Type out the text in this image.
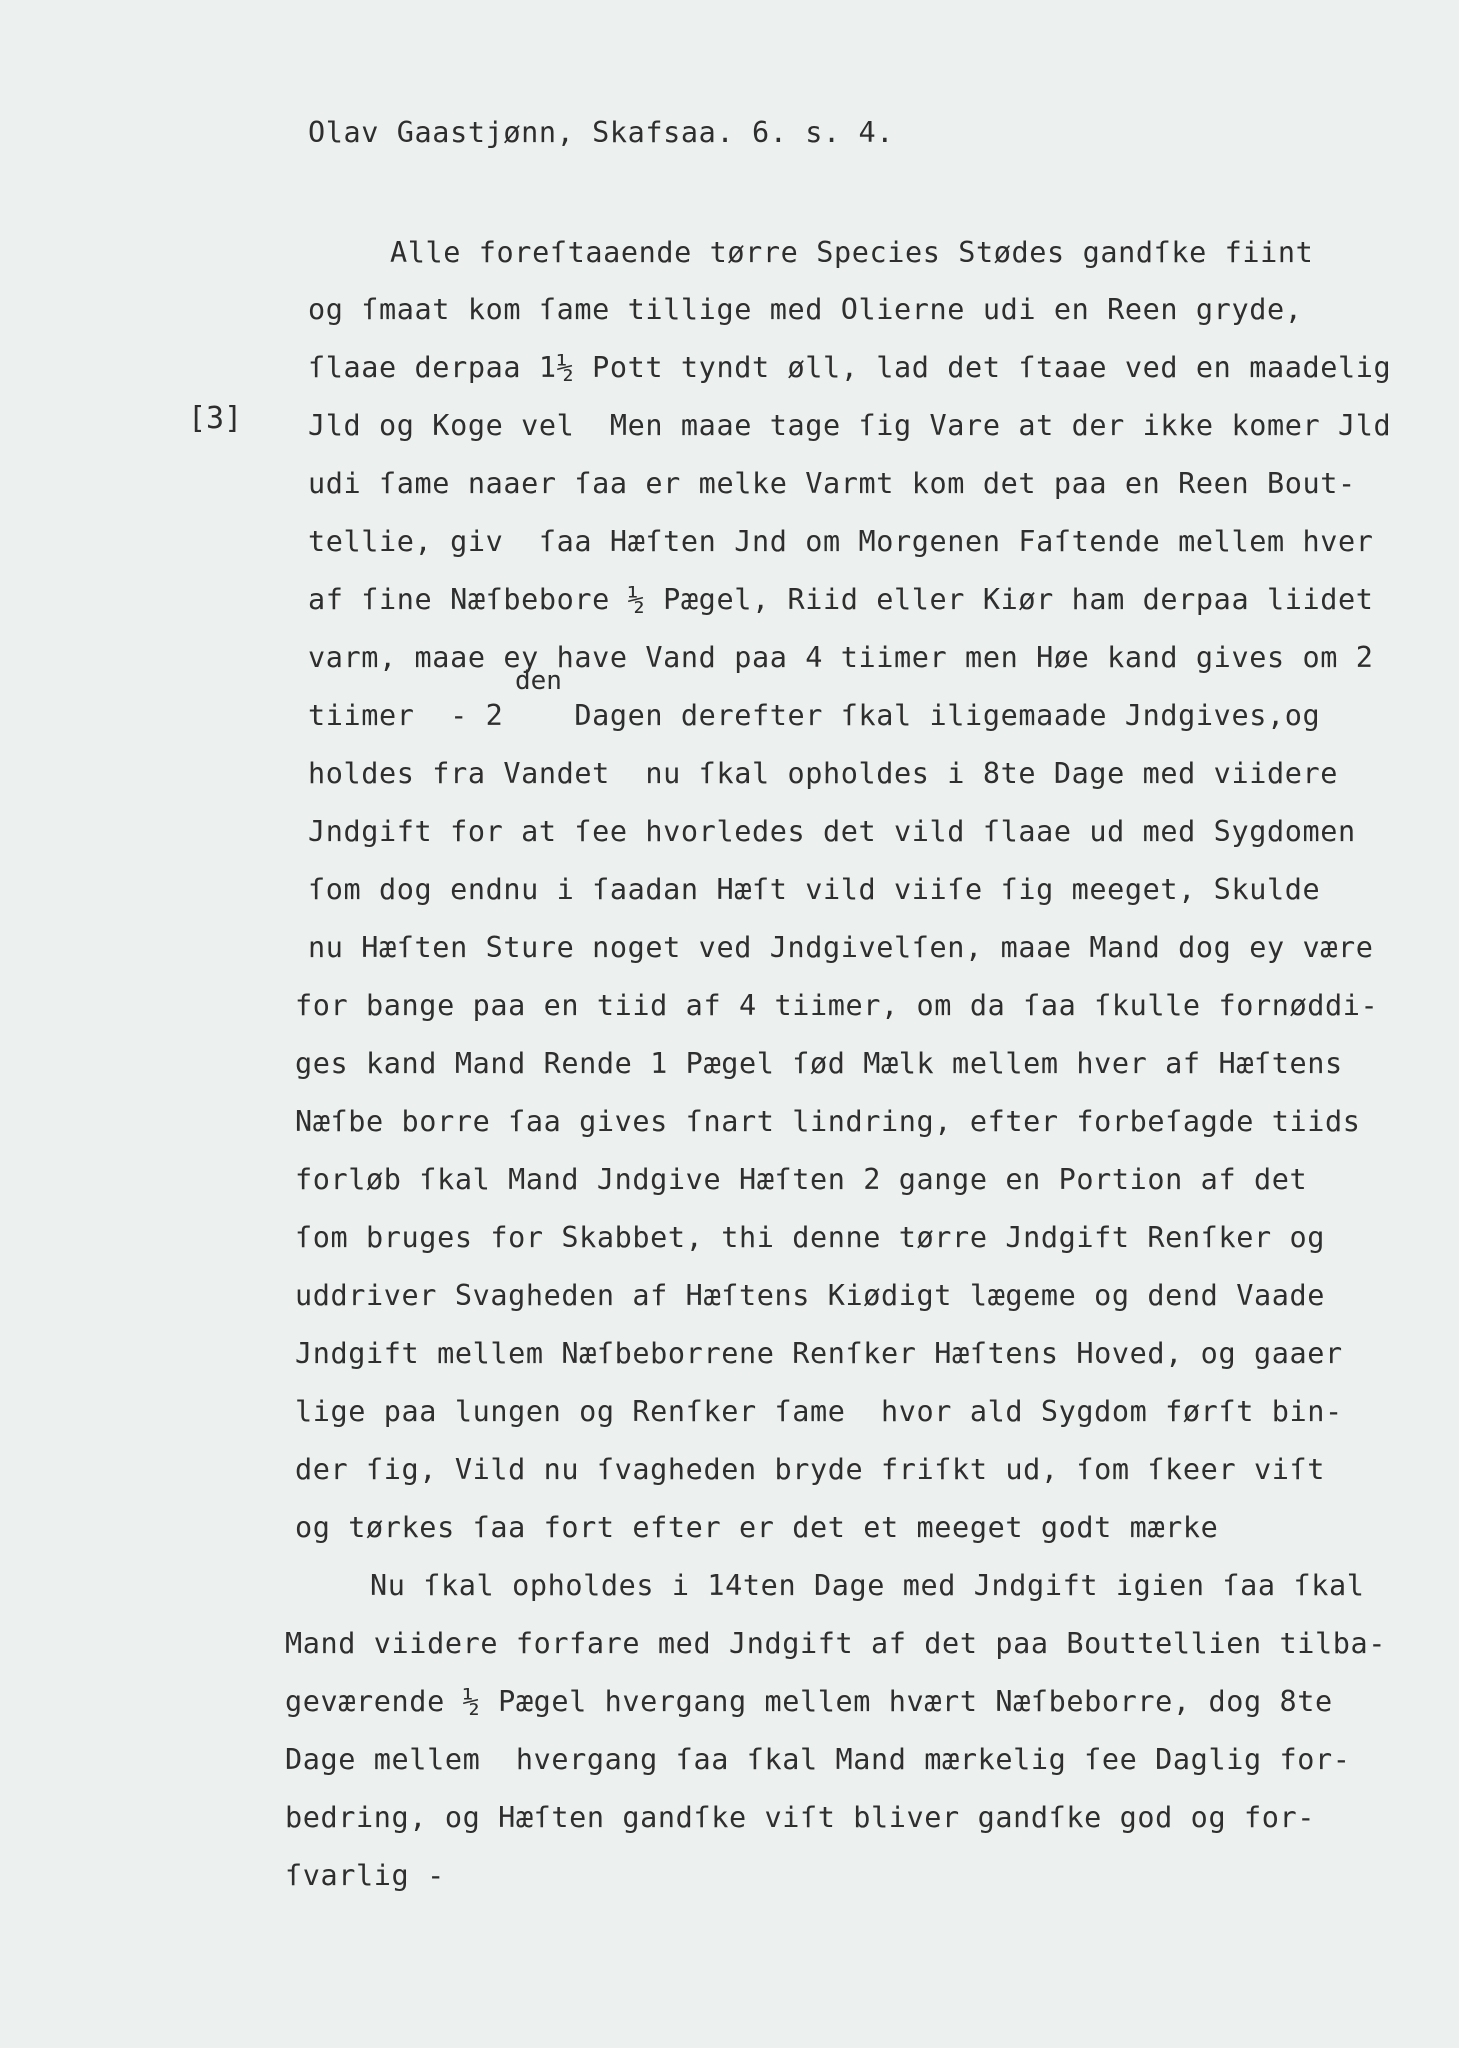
Olav Gaastjønn, Skafsaa. 6. s. 4.
[3]
den
Alle foreſtaaende tørre Species Stødes gandſke fiint
og ſmaat kom ſame tillige med Olierne udi en Reen gryde,
ſlaae derpaa 1½ Pott tyndt øll, lad det ſtaae ved en maadelig
Jld og Koge vel  Men maae tage ſig Vare at der ikke komer Jld
udi ſame naaer ſaa er melke Varmt kom det paa en Reen Bout-
tellie, giv  ſaa Hæſten Jnd om Morgenen Faſtende mellem hver
af ſine Næſbebore ½ Pægel, Riid eller Kiør ham derpaa liidet
varm, maae ey have Vand paa 4 tiimer men Høe kand gives om 2
tiimer  - 2    Dagen derefter ſkal iligemaade Jndgives,og
holdes fra Vandet  nu ſkal opholdes i 8te Dage med viidere
Jndgift for at ſee hvorledes det vild ſlaae ud med Sygdomen
ſom dog endnu i ſaadan Hæſt vild viiſe ſig meeget, Skulde
nu Hæſten Sture noget ved Jndgivelſen, maae Mand dog ey være
for bange paa en tiid af 4 tiimer, om da ſaa ſkulle fornøddi-
ges kand Mand Rende 1 Pægel ſød Mælk mellem hver af Hæſtens
Næſbe borre ſaa gives ſnart lindring, efter forbeſagde tiids
forløb ſkal Mand Jndgive Hæſten 2 gange en Portion af det
ſom bruges for Skabbet, thi denne tørre Jndgift Renſker og
uddriver Svagheden af Hæſtens Kiødigt lægeme og dend Vaade
Jndgift mellem Næſbeborrene Renſker Hæſtens Hoved, og gaaer
lige paa lungen og Renſker ſame  hvor ald Sygdom førſt bin-
der ſig, Vild nu ſvagheden bryde friſkt ud, ſom ſkeer viſt
og tørkes ſaa fort efter er det et meeget godt mærke
Nu ſkal opholdes i 14ten Dage med Jndgift igien ſaa ſkal
Mand viidere forfare med Jndgift af det paa Bouttellien tilba-
geværende ½ Pægel hvergang mellem hvært Næſbeborre, dog 8te
Dage mellem  hvergang ſaa ſkal Mand mærkelig ſee Daglig for-
bedring, og Hæſten gandſke viſt bliver gandſke god og for-
ſvarlig -
